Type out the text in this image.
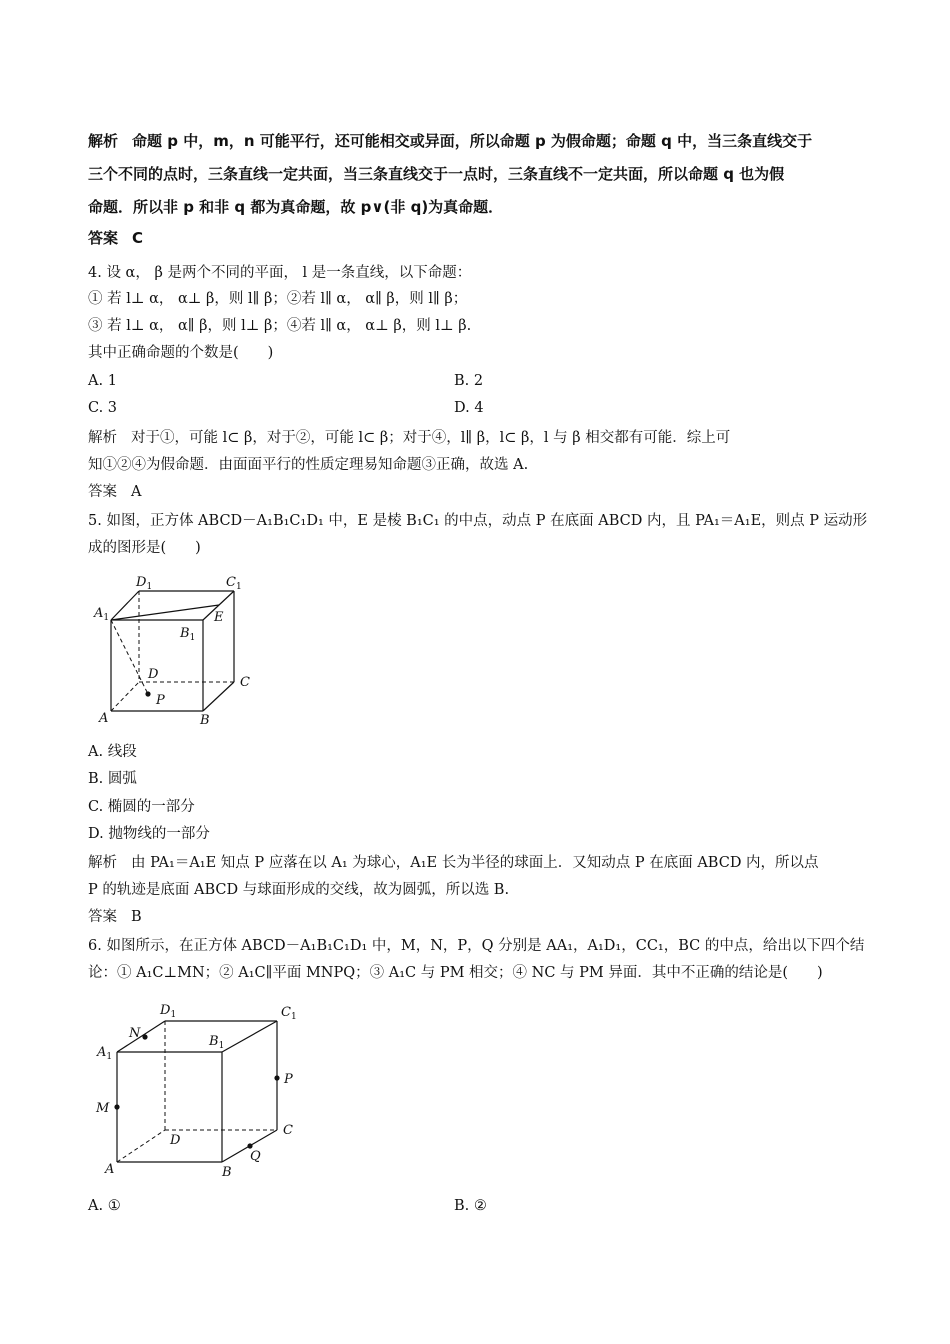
解析 命题 p 中，m，n 可能平行，还可能相交或异面，所以命题 p 为假命题；命题 q 中，当三条直线交于
三个不同的点时，三条直线一定共面，当三条直线交于一点时，三条直线不一定共面，所以命题 q 也为假
命题．所以非 p 和非 q 都为真命题，故 p∨(非 q)为真命题．
答案 C
4. 设 α， β 是两个不同的平面， l 是一条直线，以下命题：
① 若 l⊥ α， α⊥ β，则 l∥ β；②若 l∥ α， α∥ β，则 l∥ β；
③ 若 l⊥ α， α∥ β，则 l⊥ β；④若 l∥ α， α⊥ β，则 l⊥ β.
其中正确命题的个数是(　　)
A. 1	B. 2
C. 3	D. 4
解析 对于①，可能 l⊂ β，对于②，可能 l⊂ β；对于④，l∥ β，l⊂ β，l 与 β 相交都有可能．综上可
知①②④为假命题．由面面平行的性质定理易知命题③正确，故选 A.
答案 A
5. 如图，正方体 ABCD－A₁B₁C₁D₁ 中，E 是棱 B₁C₁ 的中点，动点 P 在底面 ABCD 内，且 PA₁＝A₁E，则点 P 运动形
成的图形是(　　)
$D_1$	$C_1$
$A_1$	E
$B_1$
D
C
P
A	B
A. 线段
B. 圆弧
C. 椭圆的一部分
D. 抛物线的一部分
解析 由 PA₁＝A₁E 知点 P 应落在以 A₁ 为球心，A₁E 长为半径的球面上．又知动点 P 在底面 ABCD 内，所以点
P 的轨迹是底面 ABCD 与球面形成的交线，故为圆弧，所以选 B.
答案 B
6. 如图所示，在正方体 ABCD－A₁B₁C₁D₁ 中，M，N，P，Q 分别是 AA₁，A₁D₁，CC₁，BC 的中点，给出以下四个结
论：① A₁C⊥MN；② A₁C∥平面 MNPQ；③ A₁C 与 PM 相交；④ NC 与 PM 异面．其中不正确的结论是(　　)
$D_1$	$C_1$
N
$A_1$
$B_1$
P
M
D
C
Q
A	B
A. ①	B. ②
